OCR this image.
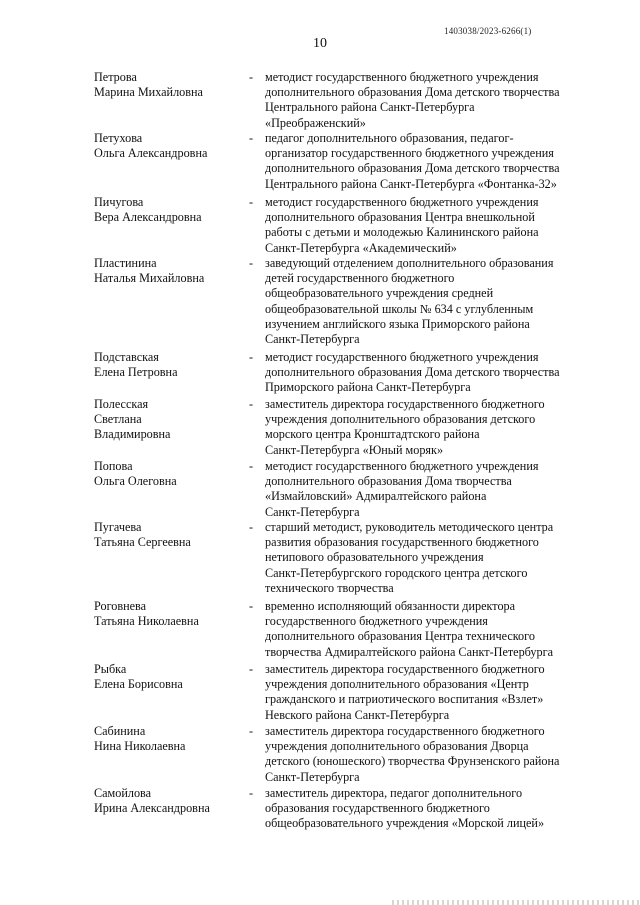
1403038/2023-6266(1)
10
Петрова
Марина Михайловна
- методист государственного бюджетного учреждения
дополнительного образования Дома детского творчества
Центрального района Санкт-Петербурга
«Преображенский»
Петухова
Ольга Александровна
- педагог дополнительного образования, педагог-
организатор государственного бюджетного учреждения
дополнительного образования Дома детского творчества
Центрального района Санкт-Петербурга «Фонтанка-32»
Пичугова
Вера Александровна
- методист государственного бюджетного учреждения
дополнительного образования Центра внешкольной
работы с детьми и молодежью Калининского района
Санкт-Петербурга «Академический»
Пластинина
Наталья Михайловна
- заведующий отделением дополнительного образования
детей государственного бюджетного
общеобразовательного учреждения средней
общеобразовательной школы № 634 с углубленным
изучением английского языка Приморского района
Санкт-Петербурга
Подставская
Елена Петровна
- методист государственного бюджетного учреждения
дополнительного образования Дома детского творчества
Приморского района Санкт-Петербурга
Полесская
Светлана
Владимировна
- заместитель директора государственного бюджетного
учреждения дополнительного образования детского
морского центра Кронштадтского района
Санкт-Петербурга «Юный моряк»
Попова
Ольга Олеговна
- методист государственного бюджетного учреждения
дополнительного образования Дома творчества
«Измайловский» Адмиралтейского района
Санкт-Петербурга
Пугачева
Татьяна Сергеевна
- старший методист, руководитель методического центра
развития образования государственного бюджетного
нетипового образовательного учреждения
Санкт-Петербургского городского центра детского
технического творчества
Роговнева
Татьяна Николаевна
- временно исполняющий обязанности директора
государственного бюджетного учреждения
дополнительного образования Центра технического
творчества Адмиралтейского района Санкт-Петербурга
Рыбка
Елена Борисовна
- заместитель директора государственного бюджетного
учреждения дополнительного образования «Центр
гражданского и патриотического воспитания «Взлет»
Невского района Санкт-Петербурга
Сабинина
Нина Николаевна
- заместитель директора государственного бюджетного
учреждения дополнительного образования Дворца
детского (юношеского) творчества Фрунзенского района
Санкт-Петербурга
Самойлова
Ирина Александровна
- заместитель директора, педагог дополнительного
образования государственного бюджетного
общеобразовательного учреждения «Морской лицей»
